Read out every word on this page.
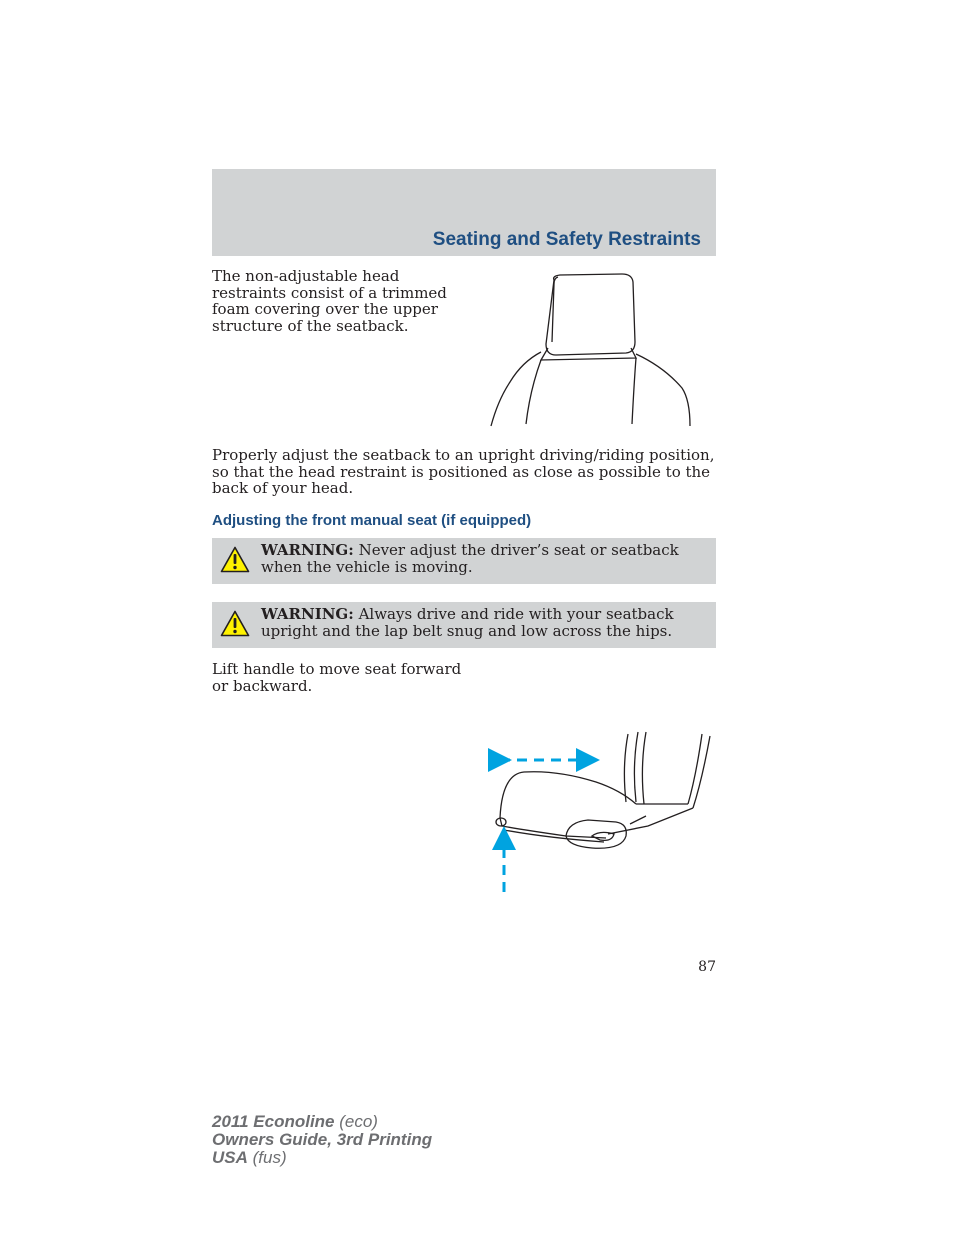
Seating and Safety Restraints

The non-adjustable head restraints consist of a trimmed foam covering over the upper structure of the seatback.

Properly adjust the seatback to an upright driving/riding position, so that the head restraint is positioned as close as possible to the back of your head.

Adjusting the front manual seat (if equipped)
WARNING: Never adjust the driver’s seat or seatback when the vehicle is moving.
WARNING: Always drive and ride with your seatback upright and the lap belt snug and low across the hips.

Lift handle to move seat forward or backward.

87
2011 Econoline (eco)
Owners Guide, 3rd Printing
USA (fus)
